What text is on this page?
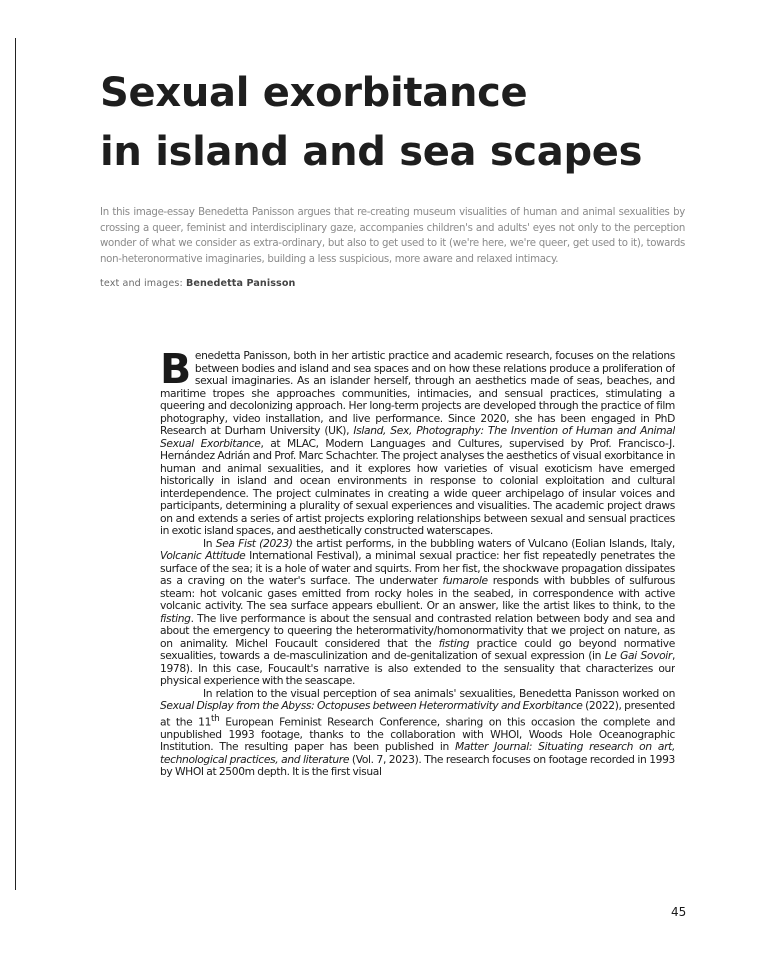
Sexual exorbitance
in island and sea scapes

In this image-essay Benedetta Panisson argues that re-creating museum visualities of human and animal sexualities by crossing a queer, feminist and interdisciplinary gaze, accompanies children's and adults' eyes not only to the perception wonder of what we consider as extra-ordinary, but also to get used to it (we're here, we're queer, get used to it), towards non-heteronormative imaginaries, building a less suspicious, more aware and relaxed intimacy.

text and images: Benedetta Panisson

Benedetta Panisson, both in her artistic practice and academic research, focuses on the relations between bodies and island and sea spaces and on how these relations produce a proliferation of sexual imaginaries. As an islander herself, through an aesthetics made of seas, beaches, and maritime tropes she approaches communities, intimacies, and sensual practices, stimulating a queering and decolonizing approach. Her long-term projects are developed through the practice of film photography, video installation, and live performance. Since 2020, she has been engaged in PhD Research at Durham University (UK), Island, Sex, Photography: The Invention of Human and Animal Sexual Exorbitance, at MLAC, Modern Languages and Cultures, supervised by Prof. Francisco-J. Hernández Adrián and Prof. Marc Schachter. The project analyses the aesthetics of visual exorbitance in human and animal sexualities, and it explores how varieties of visual exoticism have emerged historically in island and ocean environments in response to colonial exploitation and cultural interdependence. The project culminates in creating a wide queer archipelago of insular voices and participants, determining a plurality of sexual experiences and visualities. The academic project draws on and extends a series of artist projects exploring relationships between sexual and sensual practices in exotic island spaces, and aesthetically constructed waterscapes.

In Sea Fist (2023) the artist performs, in the bubbling waters of Vulcano (Eolian Islands, Italy, Volcanic Attitude International Festival), a minimal sexual practice: her fist repeatedly penetrates the surface of the sea; it is a hole of water and squirts. From her fist, the shockwave propagation dissipates as a craving on the water's surface. The underwater fumarole responds with bubbles of sulfurous steam: hot volcanic gases emitted from rocky holes in the seabed, in correspondence with active volcanic activity. The sea surface appears ebullient. Or an answer, like the artist likes to think, to the fisting. The live performance is about the sensual and contrasted relation between body and sea and about the emergency to queering the heterormativity/homonormativity that we project on nature, as on animality. Michel Foucault considered that the fisting practice could go beyond normative sexualities, towards a de-masculinization and de-genitalization of sexual expression (in Le Gai Sovoir, 1978). In this case, Foucault's narrative is also extended to the sensuality that characterizes our physical experience with the seascape.

In relation to the visual perception of sea animals' sexualities, Benedetta Panisson worked on Sexual Display from the Abyss: Octopuses between Heterormativity and Exorbitance (2022), presented at the 11th European Feminist Research Conference, sharing on this occasion the complete and unpublished 1993 footage, thanks to the collaboration with WHOI, Woods Hole Oceanographic Institution. The resulting paper has been published in Matter Journal: Situating research on art, technological practices, and literature (Vol. 7, 2023). The research focuses on footage recorded in 1993 by WHOI at 2500m depth. It is the first visual

45
